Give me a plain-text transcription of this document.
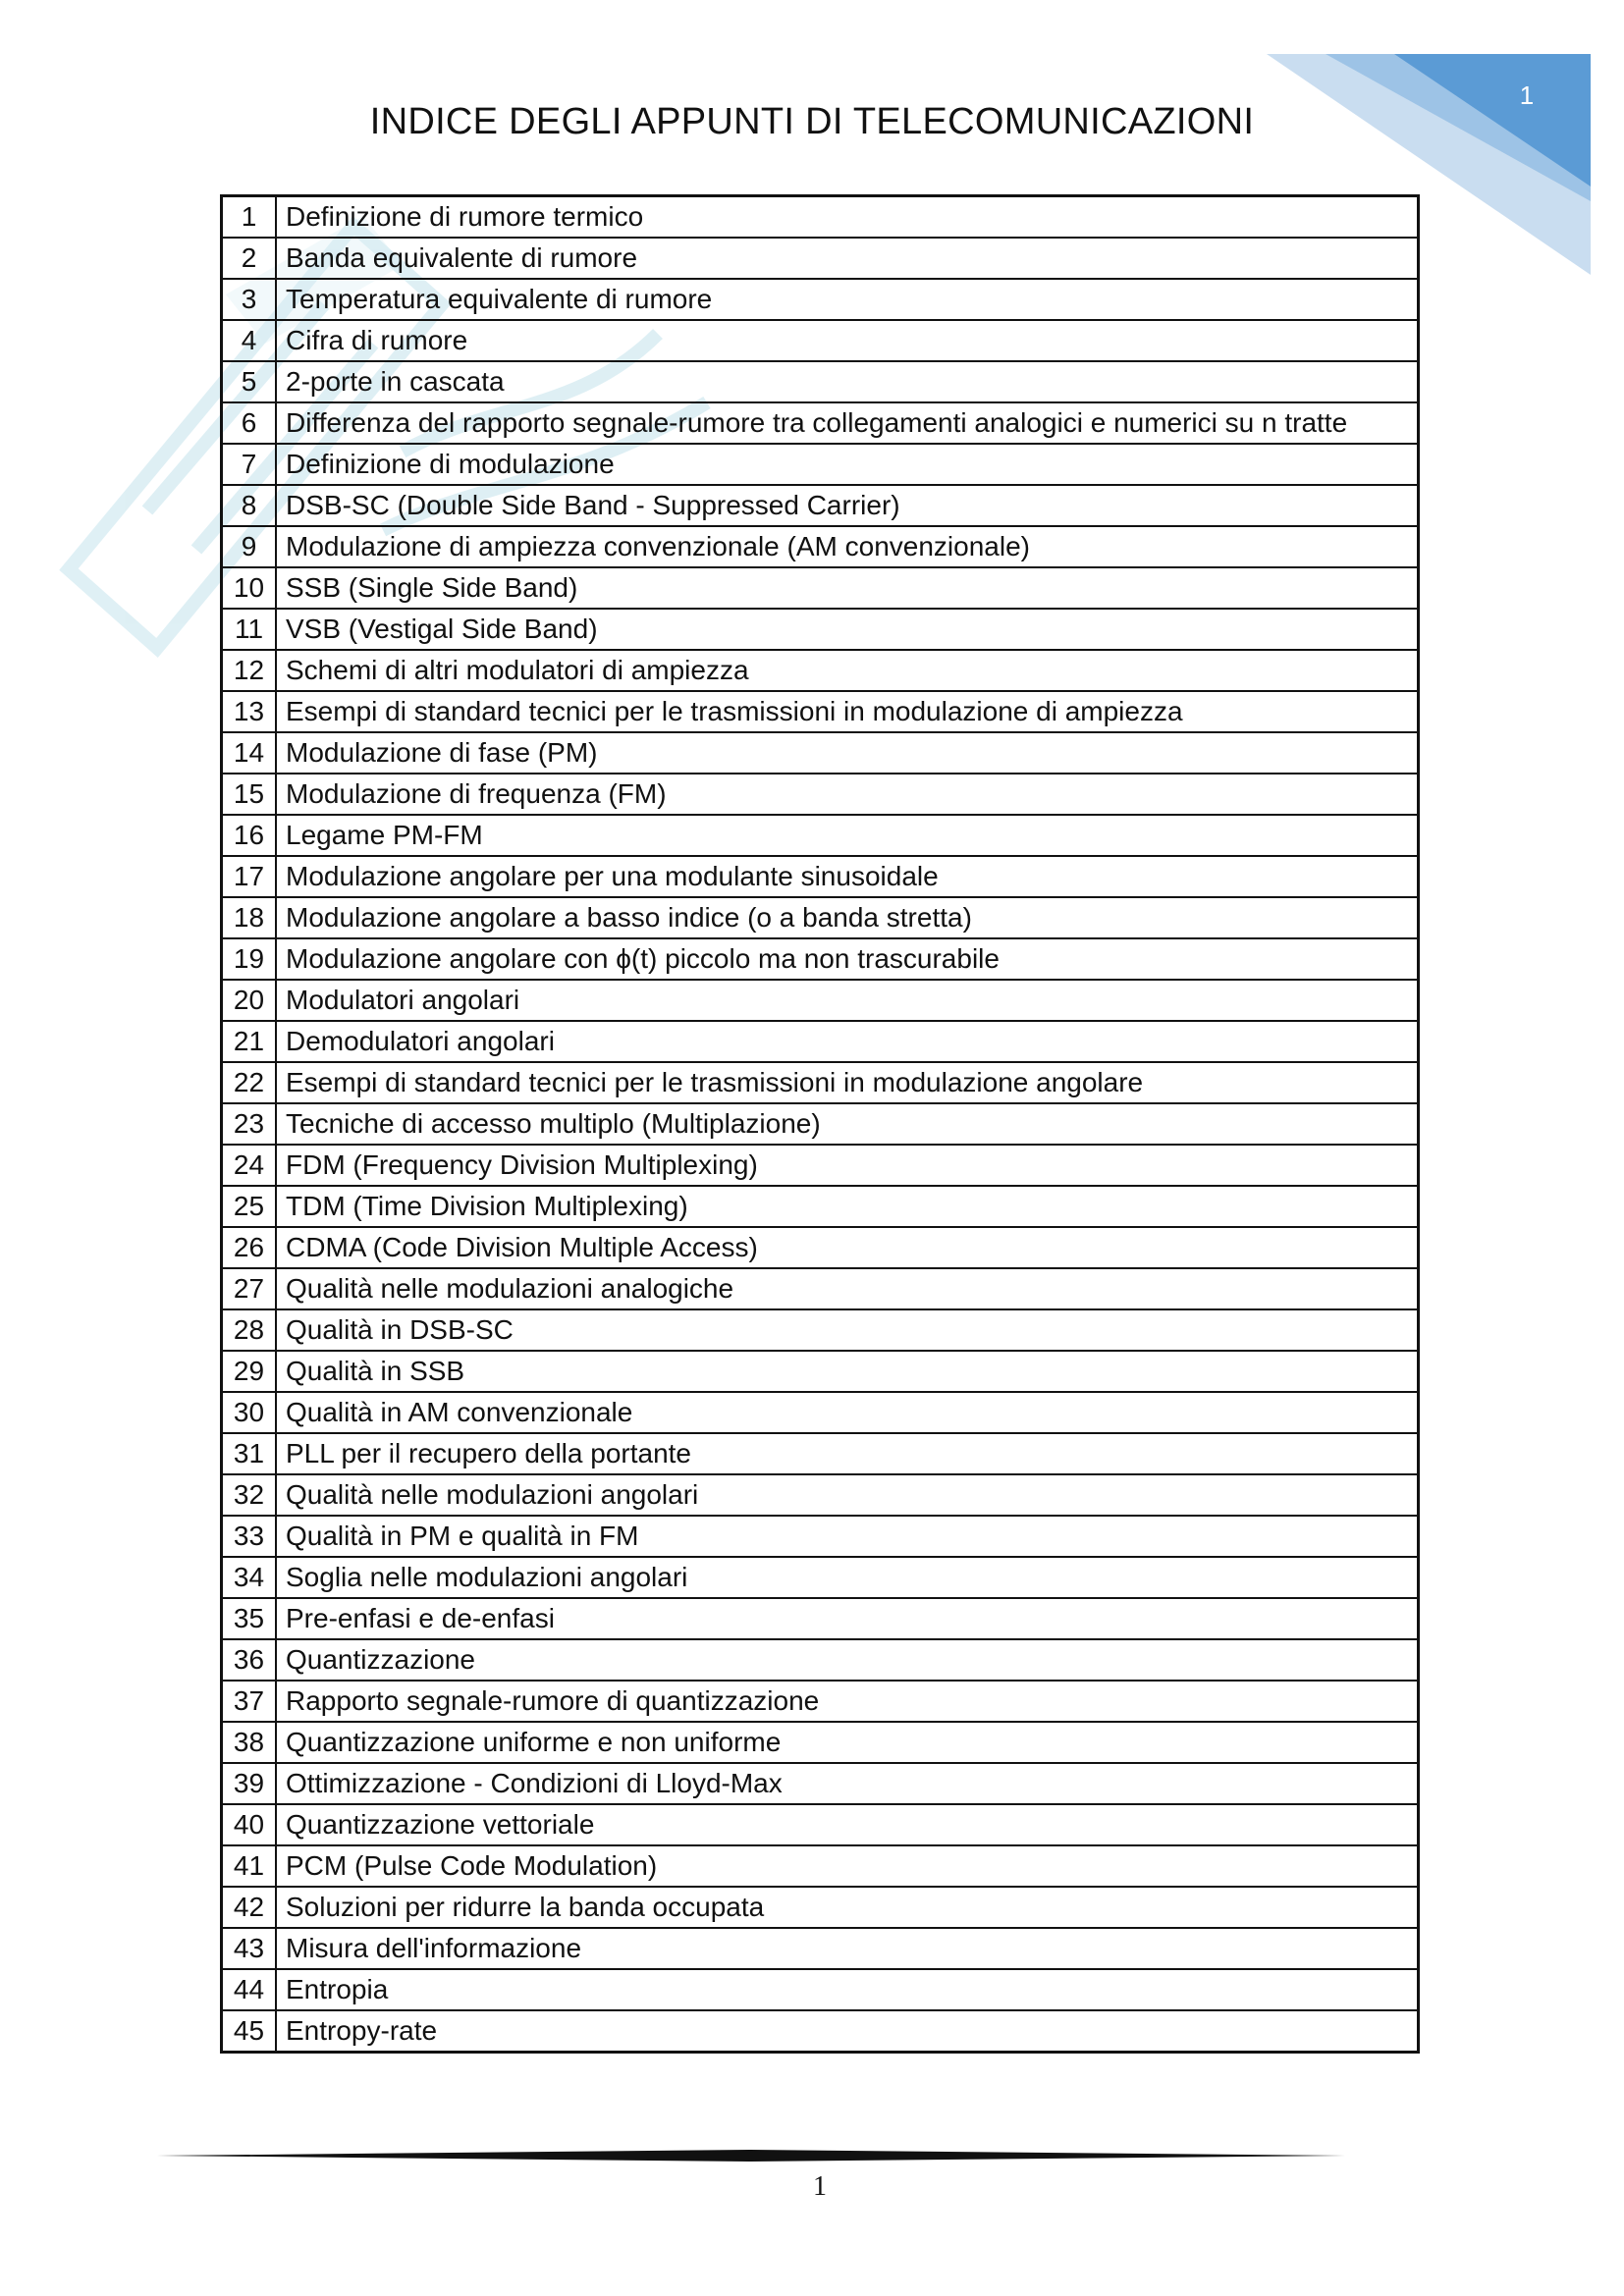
1
INDICE DEGLI APPUNTI DI TELECOMUNICAZIONI
1	Definizione di rumore termico
2	Banda equivalente di rumore
3	Temperatura equivalente di rumore
4	Cifra di rumore
5	2-porte in cascata
6	Differenza del rapporto segnale-rumore tra collegamenti analogici e numerici su n tratte
7	Definizione di modulazione
8	DSB-SC (Double Side Band - Suppressed Carrier)
9	Modulazione di ampiezza convenzionale (AM convenzionale)
10	SSB (Single Side Band)
11	VSB (Vestigal Side Band)
12	Schemi di altri modulatori di ampiezza
13	Esempi di standard tecnici per le trasmissioni in modulazione di ampiezza
14	Modulazione di fase (PM)
15	Modulazione di frequenza (FM)
16	Legame PM-FM
17	Modulazione angolare per una modulante sinusoidale
18	Modulazione angolare a basso indice (o a banda stretta)
19	Modulazione angolare con ϕ(t) piccolo ma non trascurabile
20	Modulatori angolari
21	Demodulatori angolari
22	Esempi di standard tecnici per le trasmissioni in modulazione angolare
23	Tecniche di accesso multiplo (Multiplazione)
24	FDM (Frequency Division Multiplexing)
25	TDM (Time Division Multiplexing)
26	CDMA (Code Division Multiple Access)
27	Qualità nelle modulazioni analogiche
28	Qualità in DSB-SC
29	Qualità in SSB
30	Qualità in AM convenzionale
31	PLL per il recupero della portante
32	Qualità nelle modulazioni angolari
33	Qualità in PM e qualità in FM
34	Soglia nelle modulazioni angolari
35	Pre-enfasi e de-enfasi
36	Quantizzazione
37	Rapporto segnale-rumore di quantizzazione
38	Quantizzazione uniforme e non uniforme
39	Ottimizzazione - Condizioni di Lloyd-Max
40	Quantizzazione vettoriale
41	PCM (Pulse Code Modulation)
42	Soluzioni per ridurre la banda occupata
43	Misura dell'informazione
44	Entropia
45	Entropy-rate
1
